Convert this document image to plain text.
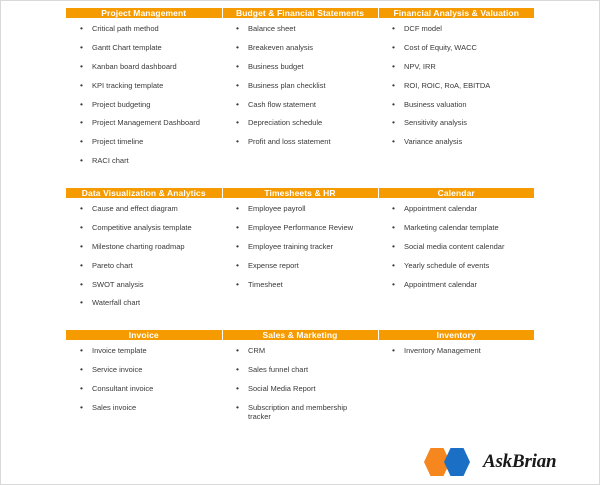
Project Management	Budget & Financial Statements	Financial Analysis & Valuation

• Critical path method
• Gantt Chart template
• Kanban board dashboard
• KPI tracking template
• Project budgeting
• Project Management Dashboard
• Project timeline
• RACI chart

• Balance sheet
• Breakeven analysis
• Business budget
• Business plan checklist
• Cash flow statement
• Depreciation schedule
• Profit and loss statement

• DCF model
• Cost of Equity, WACC
• NPV, IRR
• ROI, ROIC, RoA, EBITDA
• Business valuation
• Sensitivity analysis
• Variance analysis
Data Visualization & Analytics	Timesheets & HR	Calendar

• Cause and effect diagram
• Competitive analysis template
• Milestone charting roadmap
• Pareto chart
• SWOT analysis
• Waterfall chart

• Employee payroll
• Employee Performance Review
• Employee training tracker
• Expense report
• Timesheet

• Appointment calendar
• Marketing calendar template
• Social media content calendar
• Yearly schedule of events
• Appointment calendar
Invoice	Sales & Marketing	Inventory

• Invoice template
• Service invoice
• Consultant invoice
• Sales invoice

• CRM
• Sales funnel chart
• Social Media Report
• Subscription and membership tracker

• Inventory Management
AskBrian
